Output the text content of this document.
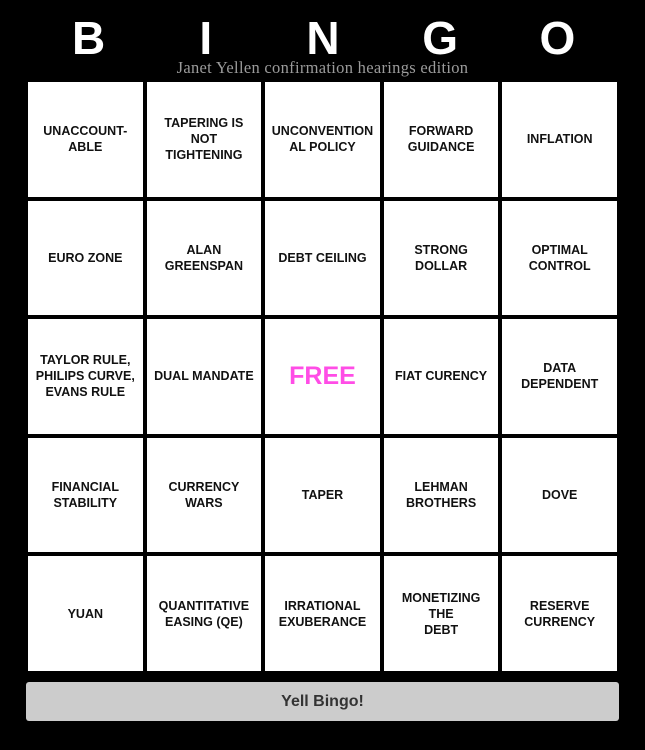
B	I	N	G	O
Janet Yellen confirmation hearings edition
UNACCOUNT-
ABLE
TAPERING IS NOT
TIGHTENING
UNCONVENTION
AL POLICY
FORWARD
GUIDANCE
INFLATION
EURO ZONE
ALAN
GREENSPAN
DEBT CEILING
STRONG DOLLAR
OPTIMAL
CONTROL
TAYLOR RULE,
PHILIPS CURVE,
EVANS RULE
DUAL MANDATE FREE	FIAT CURENCY
DATA
DEPENDENT
FINANCIAL
STABILITY
CURRENCY WARS
TAPER
LEHMAN
BROTHERS
DOVE
YUAN
QUANTITATIVE
EASING (QE)
IRRATIONAL
EXUBERANCE
MONETIZING THE
DEBT
RESERVE
CURRENCY
Yell Bingo!
